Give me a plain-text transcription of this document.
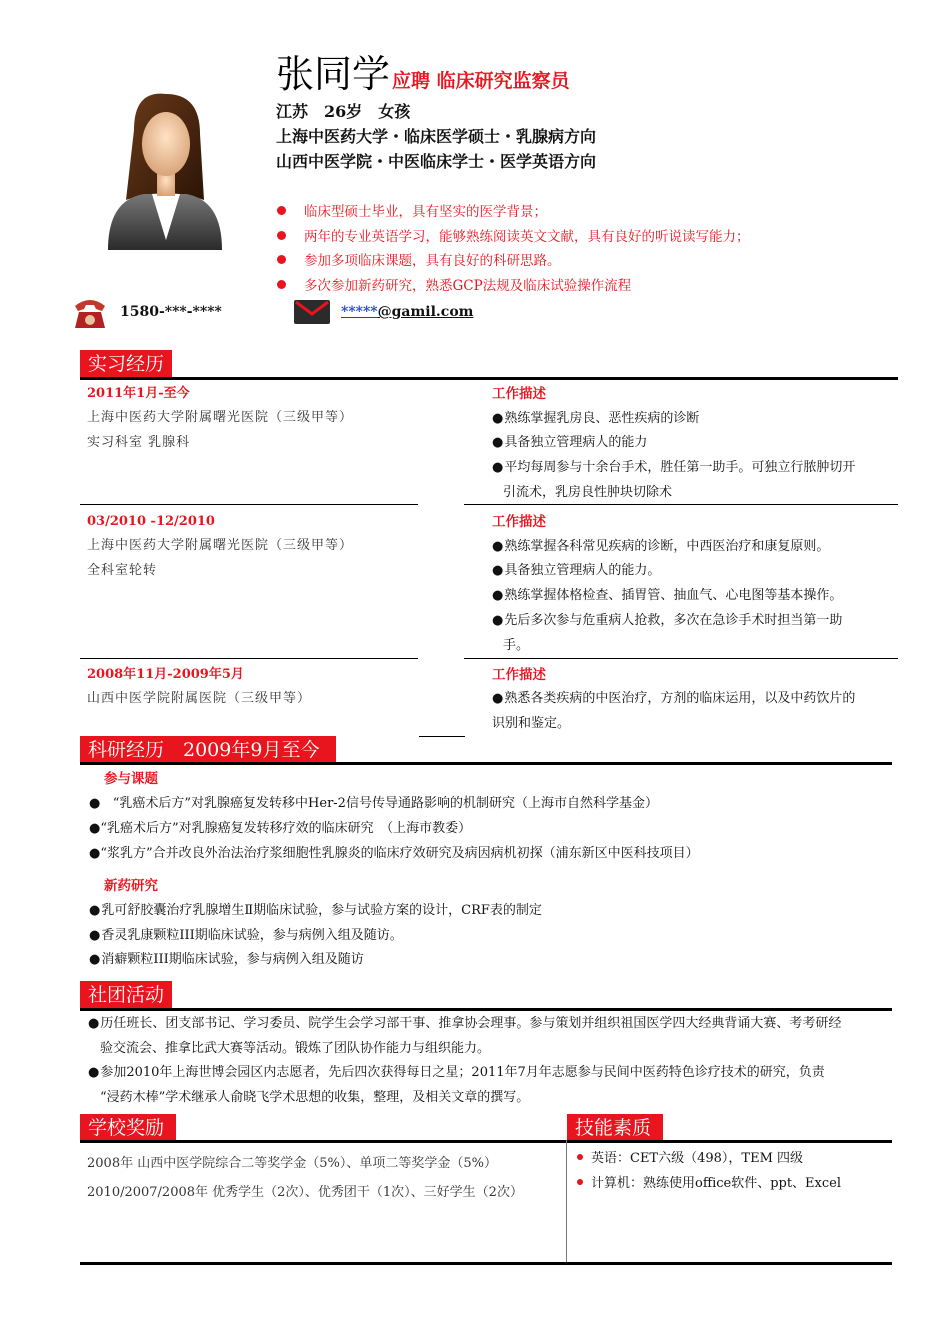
张同学 应聘 临床研究监察员
江苏　26岁　女孩
上海中医药大学・临床医学硕士・乳腺病方向
山西中医学院・中医临床学士・医学英语方向
临床型硕士毕业，具有坚实的医学背景；
两年的专业英语学习，能够熟练阅读英文文献，具有良好的听说读写能力；
参加多项临床课题，具有良好的科研思路。
多次参加新药研究，熟悉GCP法规及临床试验操作流程
1580-***-****	*****@gamil.com
实习经历
2011年1月-至今
上海中医药大学附属曙光医院（三级甲等）
实习科室 乳腺科
工作描述
● 熟练掌握乳房良、恶性疾病的诊断
● 具备独立管理病人的能力
● 平均每周参与十余台手术，胜任第一助手。可独立行脓肿切开
引流术，乳房良性肿块切除术
03/2010 -12/2010
上海中医药大学附属曙光医院（三级甲等）
全科室轮转
工作描述
● 熟练掌握各科常见疾病的诊断，中西医治疗和康复原则。
● 具备独立管理病人的能力。
● 熟练掌握体格检查、插胃管、抽血气、心电图等基本操作。
● 先后多次参与危重病人抢救，多次在急诊手术时担当第一助
手。
2008年11月-2009年5月
山西中医学院附属医院（三级甲等）
工作描述
● 熟悉各类疾病的中医治疗，方剂的临床运用，以及中药饮片的
识别和鉴定。
科研经历　2009年9月至今
参与课题
●   “乳癌术后方”对乳腺癌复发转移中Her-2信号传导通路影响的机制研究（上海市自然科学基金）
●“乳癌术后方”对乳腺癌复发转移疗效的临床研究　（上海市教委）
●“浆乳方”合并改良外治法治疗浆细胞性乳腺炎的临床疗效研究及病因病机初探（浦东新区中医科技项目）
新药研究
● 乳可舒胶囊治疗乳腺增生Ⅱ期临床试验，参与试验方案的设计，CRF表的制定
● 香灵乳康颗粒III期临床试验，参与病例入组及随访。
● 消癖颗粒III期临床试验，参与病例入组及随访
社团活动
● 历任班长、团支部书记、学习委员、院学生会学习部干事、推拿协会理事。参与策划并组织祖国医学四大经典背诵大赛、考考研经
验交流会、推拿比武大赛等活动。锻炼了团队协作能力与组织能力。
● 参加2010年上海世博会园区内志愿者，先后四次获得每日之星；2011年7月年志愿参与民间中医药特色诊疗技术的研究，负责
“浸药木棒”学术继承人俞晓飞学术思想的收集，整理，及相关文章的撰写。
学校奖励	技能素质
2008年 山西中医学院综合二等奖学金（5%）、单项二等奖学金（5%）
2010/2007/2008年 优秀学生（2次）、优秀团干（1次）、三好学生（2次）
英语：CET六级（498），TEM 四级
计算机：熟练使用office软件、ppt、Excel
